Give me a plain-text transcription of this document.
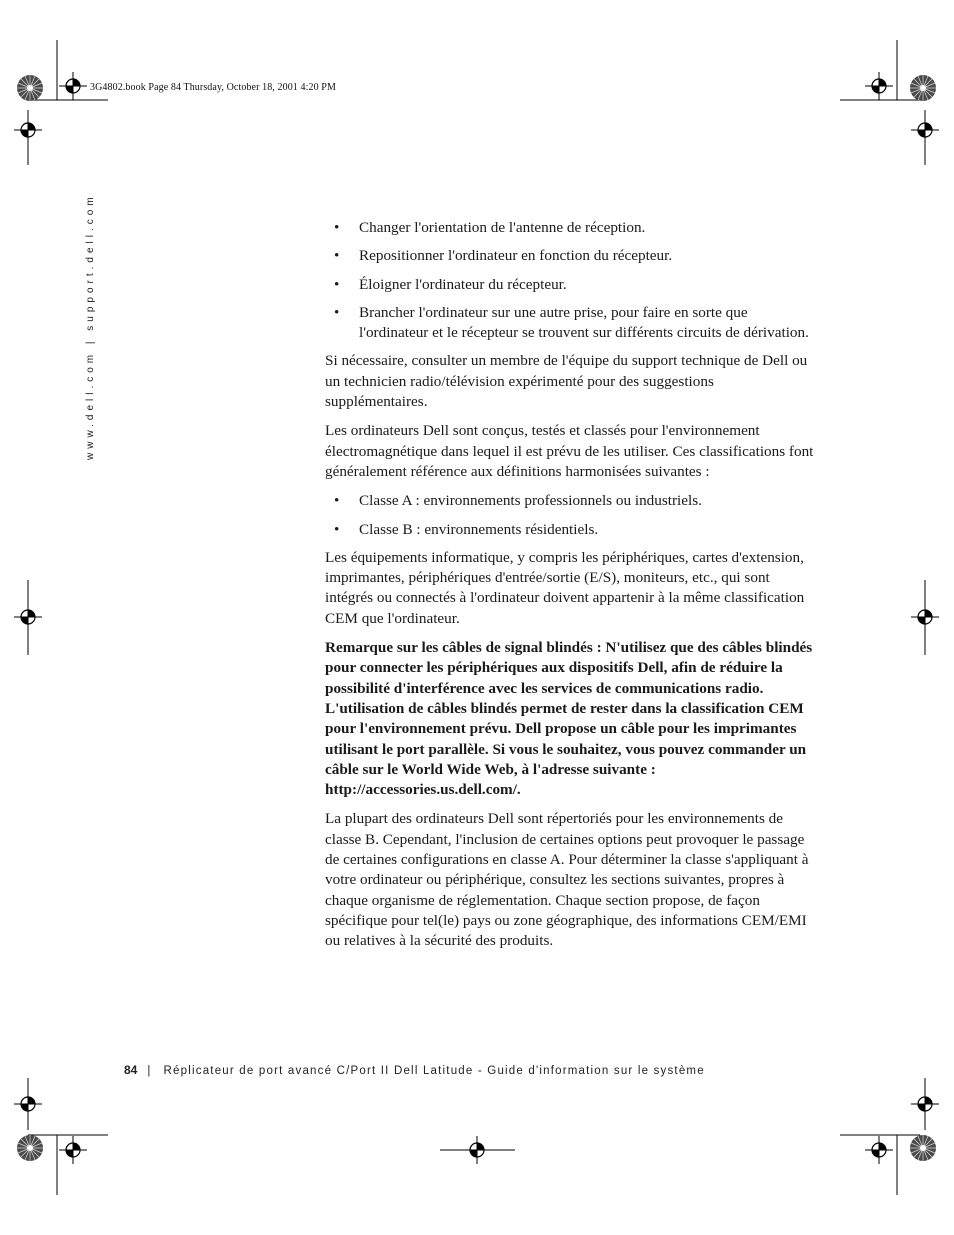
3G4802.book Page 84 Thursday, October 18, 2001 4:20 PM
www.dell.com | support.dell.com	• Changer l'orientation de l'antenne de réception.
• Repositionner l'ordinateur en fonction du récepteur.
• Éloigner l'ordinateur du récepteur.
• Brancher l'ordinateur sur une autre prise, pour faire en sorte que l'ordinateur et le récepteur se trouvent sur différents circuits de dérivation.

Si nécessaire, consulter un membre de l'équipe du support technique de Dell ou un technicien radio/télévision expérimenté pour des suggestions supplémentaires.

Les ordinateurs Dell sont conçus, testés et classés pour l'environnement électromagnétique dans lequel il est prévu de les utiliser. Ces classifications font généralement référence aux définitions harmonisées suivantes :

• Classe A : environnements professionnels ou industriels.
• Classe B : environnements résidentiels.

Les équipements informatique, y compris les périphériques, cartes d'extension, imprimantes, périphériques d'entrée/sortie (E/S), moniteurs, etc., qui sont intégrés ou connectés à l'ordinateur doivent appartenir à la même classification CEM que l'ordinateur.

Remarque sur les câbles de signal blindés : N'utilisez que des câbles blindés pour connecter les périphériques aux dispositifs Dell, afin de réduire la possibilité d'interférence avec les services de communications radio. L'utilisation de câbles blindés permet de rester dans la classification CEM pour l'environnement prévu. Dell propose un câble pour les imprimantes utilisant le port parallèle. Si vous le souhaitez, vous pouvez commander un câble sur le World Wide Web, à l'adresse suivante : http://accessories.us.dell.com/.

La plupart des ordinateurs Dell sont répertoriés pour les environnements de classe B. Cependant, l'inclusion de certaines options peut provoquer le passage de certaines configurations en classe A. Pour déterminer la classe s'appliquant à votre ordinateur ou périphérique, consultez les sections suivantes, propres à chaque organisme de réglementation. Chaque section propose, de façon spécifique pour tel(le) pays ou zone géographique, des informations CEM/EMI ou relatives à la sécurité des produits.

84 | Réplicateur de port avancé C/Port II Dell Latitude - Guide d'information sur le système
